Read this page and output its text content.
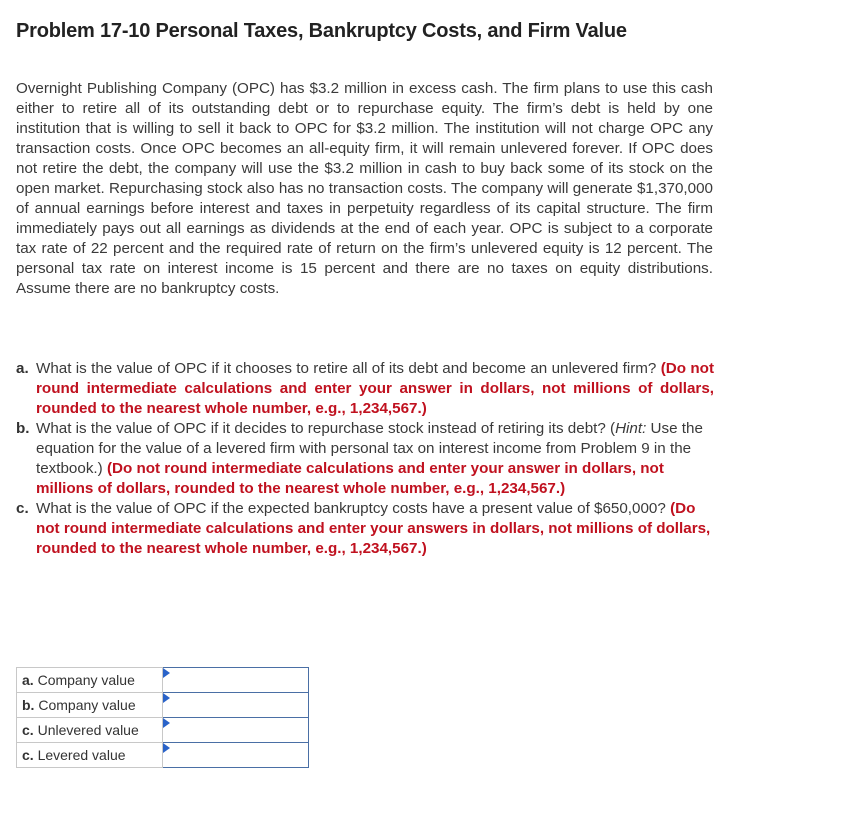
Problem 17-10 Personal Taxes, Bankruptcy Costs, and Firm Value

Overnight Publishing Company (OPC) has $3.2 million in excess cash. The firm plans to use this cash either to retire all of its outstanding debt or to repurchase equity. The firm’s debt is held by one institution that is willing to sell it back to OPC for $3.2 million. The institution will not charge OPC any transaction costs. Once OPC becomes an all-equity firm, it will remain unlevered forever. If OPC does not retire the debt, the company will use the $3.2 million in cash to buy back some of its stock on the open market. Repurchasing stock also has no transaction costs. The company will generate $1,370,000 of annual earnings before interest and taxes in perpetuity regardless of its capital structure. The firm immediately pays out all earnings as dividends at the end of each year. OPC is subject to a corporate tax rate of 22 percent and the required rate of return on the firm’s unlevered equity is 12 percent. The personal tax rate on interest income is 15 percent and there are no taxes on equity distributions. Assume there are no bankruptcy costs.

a. What is the value of OPC if it chooses to retire all of its debt and become an unlevered firm? (Do not round intermediate calculations and enter your answer in dollars, not millions of dollars, rounded to the nearest whole number, e.g., 1,234,567.)
b. What is the value of OPC if it decides to repurchase stock instead of retiring its debt? (Hint: Use the equation for the value of a levered firm with personal tax on interest income from Problem 9 in the textbook.) (Do not round intermediate calculations and enter your answer in dollars, not millions of dollars, rounded to the nearest whole number, e.g., 1,234,567.)
c. What is the value of OPC if the expected bankruptcy costs have a present value of $650,000? (Do not round intermediate calculations and enter your answers in dollars, not millions of dollars, rounded to the nearest whole number, e.g., 1,234,567.)
a. Company value	

b. Company value	

c. Unlevered value	

c. Levered value	
